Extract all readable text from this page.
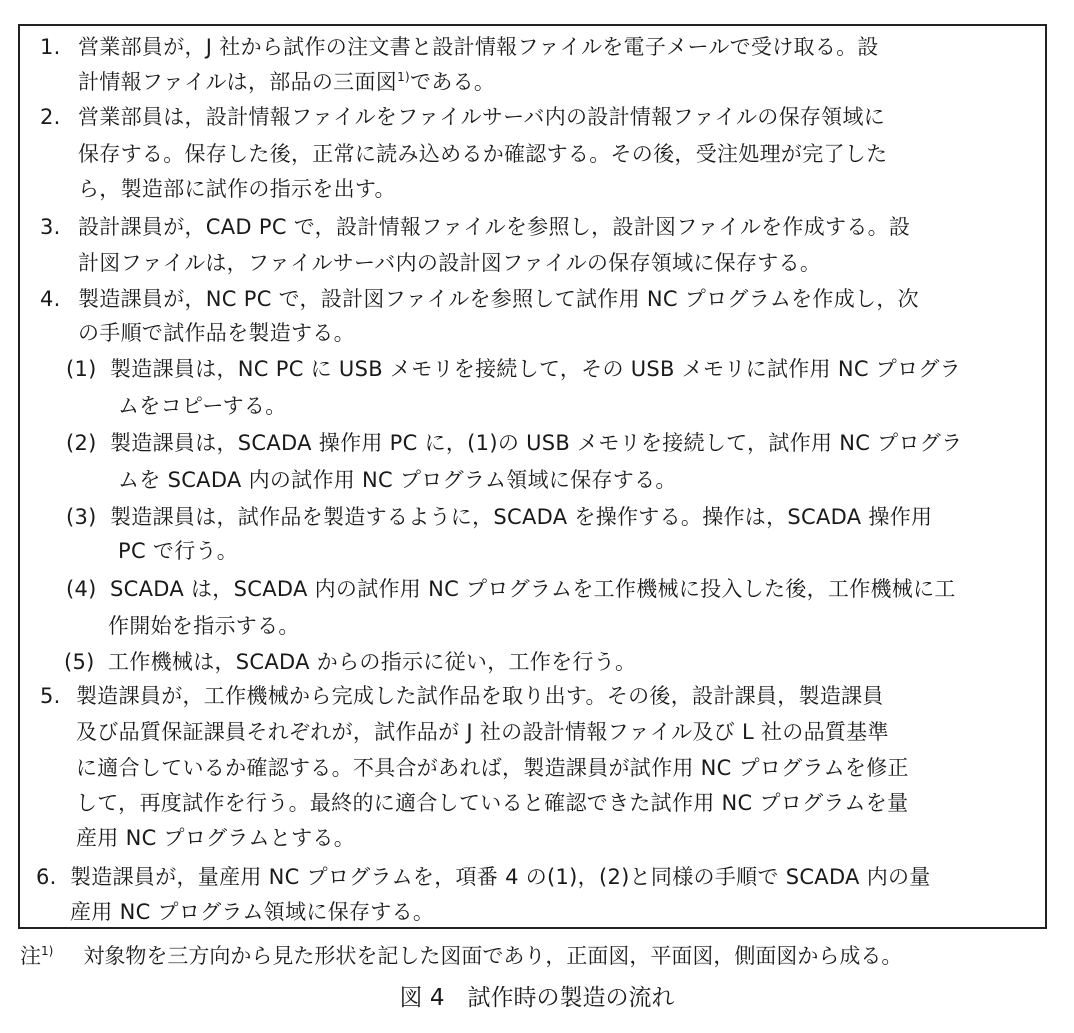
1. 営業部員が，J 社から試作の注文書と設計情報ファイルを電子メールで受け取る。設
計情報ファイルは，部品の三面図$^{1)}$である。
2. 営業部員は，設計情報ファイルをファイルサーバ内の設計情報ファイルの保存領域に
保存する。保存した後，正常に読み込めるか確認する。その後，受注処理が完了した
ら，製造部に試作の指示を出す。
3. 設計課員が，CAD PC で，設計情報ファイルを参照し，設計図ファイルを作成する。設
計図ファイルは，ファイルサーバ内の設計図ファイルの保存領域に保存する。
4. 製造課員が，NC PC で，設計図ファイルを参照して試作用 NC プログラムを作成し，次
の手順で試作品を製造する。
(1) 製造課員は，NC PC に USB メモリを接続して，その USB メモリに試作用 NC プログラ
ムをコピーする。
(2) 製造課員は，SCADA 操作用 PC に，(1)の USB メモリを接続して，試作用 NC プログラ
ムを SCADA 内の試作用 NC プログラム領域に保存する。
(3) 製造課員は，試作品を製造するように，SCADA を操作する。操作は，SCADA 操作用
PC で行う。
(4) SCADA は，SCADA 内の試作用 NC プログラムを工作機械に投入した後，工作機械に工
作開始を指示する。
(5) 工作機械は，SCADA からの指示に従い，工作を行う。
5. 製造課員が，工作機械から完成した試作品を取り出す。その後，設計課員，製造課員
及び品質保証課員それぞれが，試作品が J 社の設計情報ファイル及び L 社の品質基準
に適合しているか確認する。不具合があれば，製造課員が試作用 NC プログラムを修正
して，再度試作を行う。最終的に適合していると確認できた試作用 NC プログラムを量
産用 NC プログラムとする。
6. 製造課員が，量産用 NC プログラムを，項番 4 の(1)，(2)と同様の手順で SCADA 内の量
産用 NC プログラム領域に保存する。
注$^{1)}$ 対象物を三方向から見た形状を記した図面であり，正面図，平面図，側面図から成る。
図 4　試作時の製造の流れ
